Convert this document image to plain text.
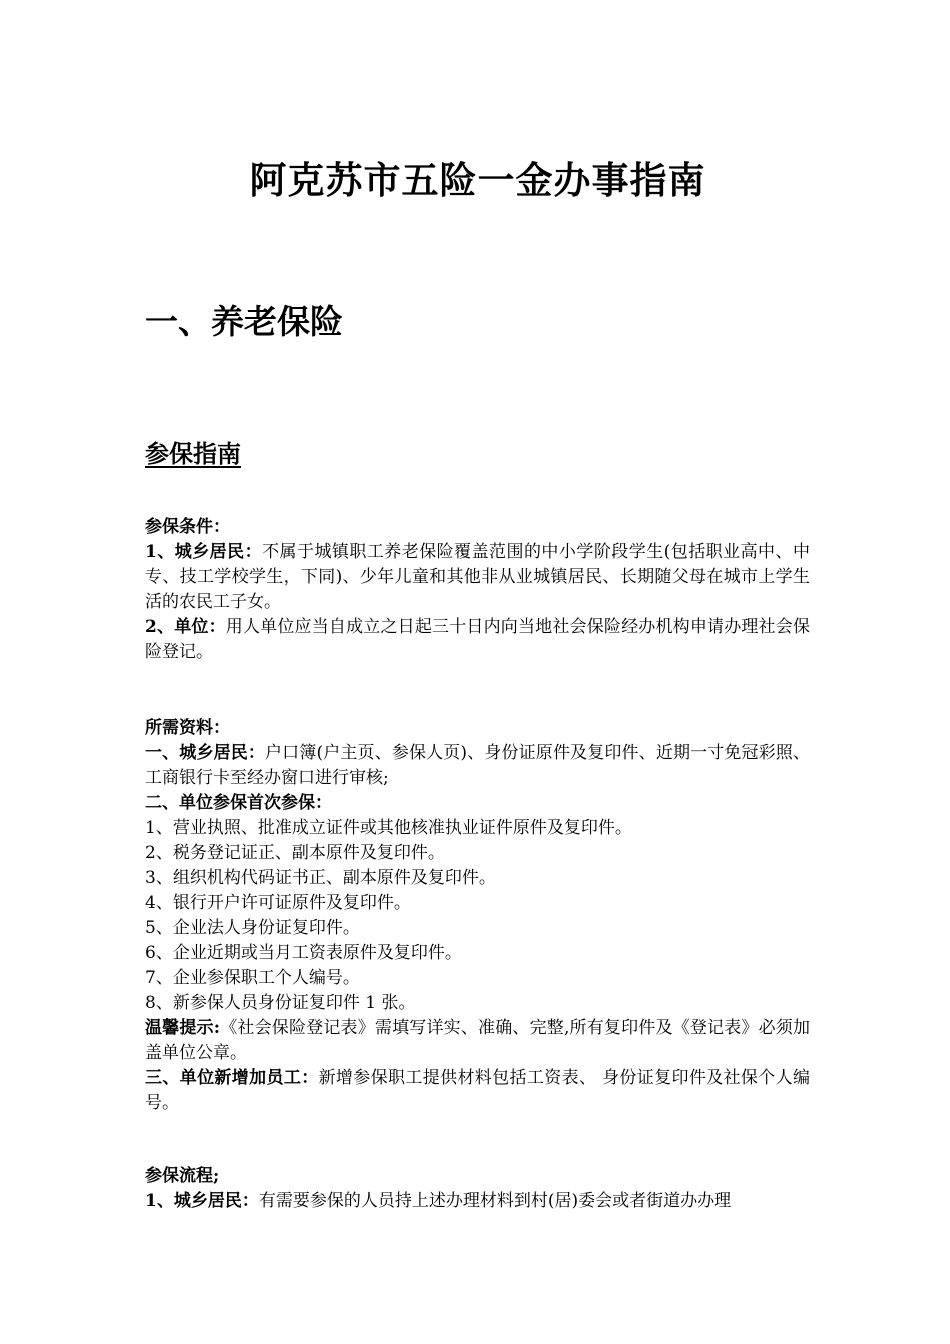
阿克苏市五险一金办事指南
一、养老保险
参保指南

参保条件：

1、城乡居民：不属于城镇职工养老保险覆盖范围的中小学阶段学生(包括职业高中、中专、技工学校学生，下同)、少年儿童和其他非从业城镇居民、长期随父母在城市上学生活的农民工子女。

2、单位：用人单位应当自成立之日起三十日内向当地社会保险经办机构申请办理社会保险登记。

所需资料：

一、城乡居民：户口簿(户主页、参保人页)、身份证原件及复印件、近期一寸免冠彩照、工商银行卡至经办窗口进行审核;

二、单位参保首次参保：

1、营业执照、批准成立证件或其他核准执业证件原件及复印件。

2、税务登记证正、副本原件及复印件。

3、组织机构代码证书正、副本原件及复印件。

4、银行开户许可证原件及复印件。

5、企业法人身份证复印件。

6、企业近期或当月工资表原件及复印件。

7、企业参保职工个人编号。

8、新参保人员身份证复印件 1 张。

温馨提示:《社会保险登记表》需填写详实、准确、完整,所有复印件及《登记表》必须加盖单位公章。

三、单位新增加员工：新增参保职工提供材料包括工资表、 身份证复印件及社保个人编号。

参保流程;

1、城乡居民：有需要参保的人员持上述办理材料到村(居)委会或者街道办办理
